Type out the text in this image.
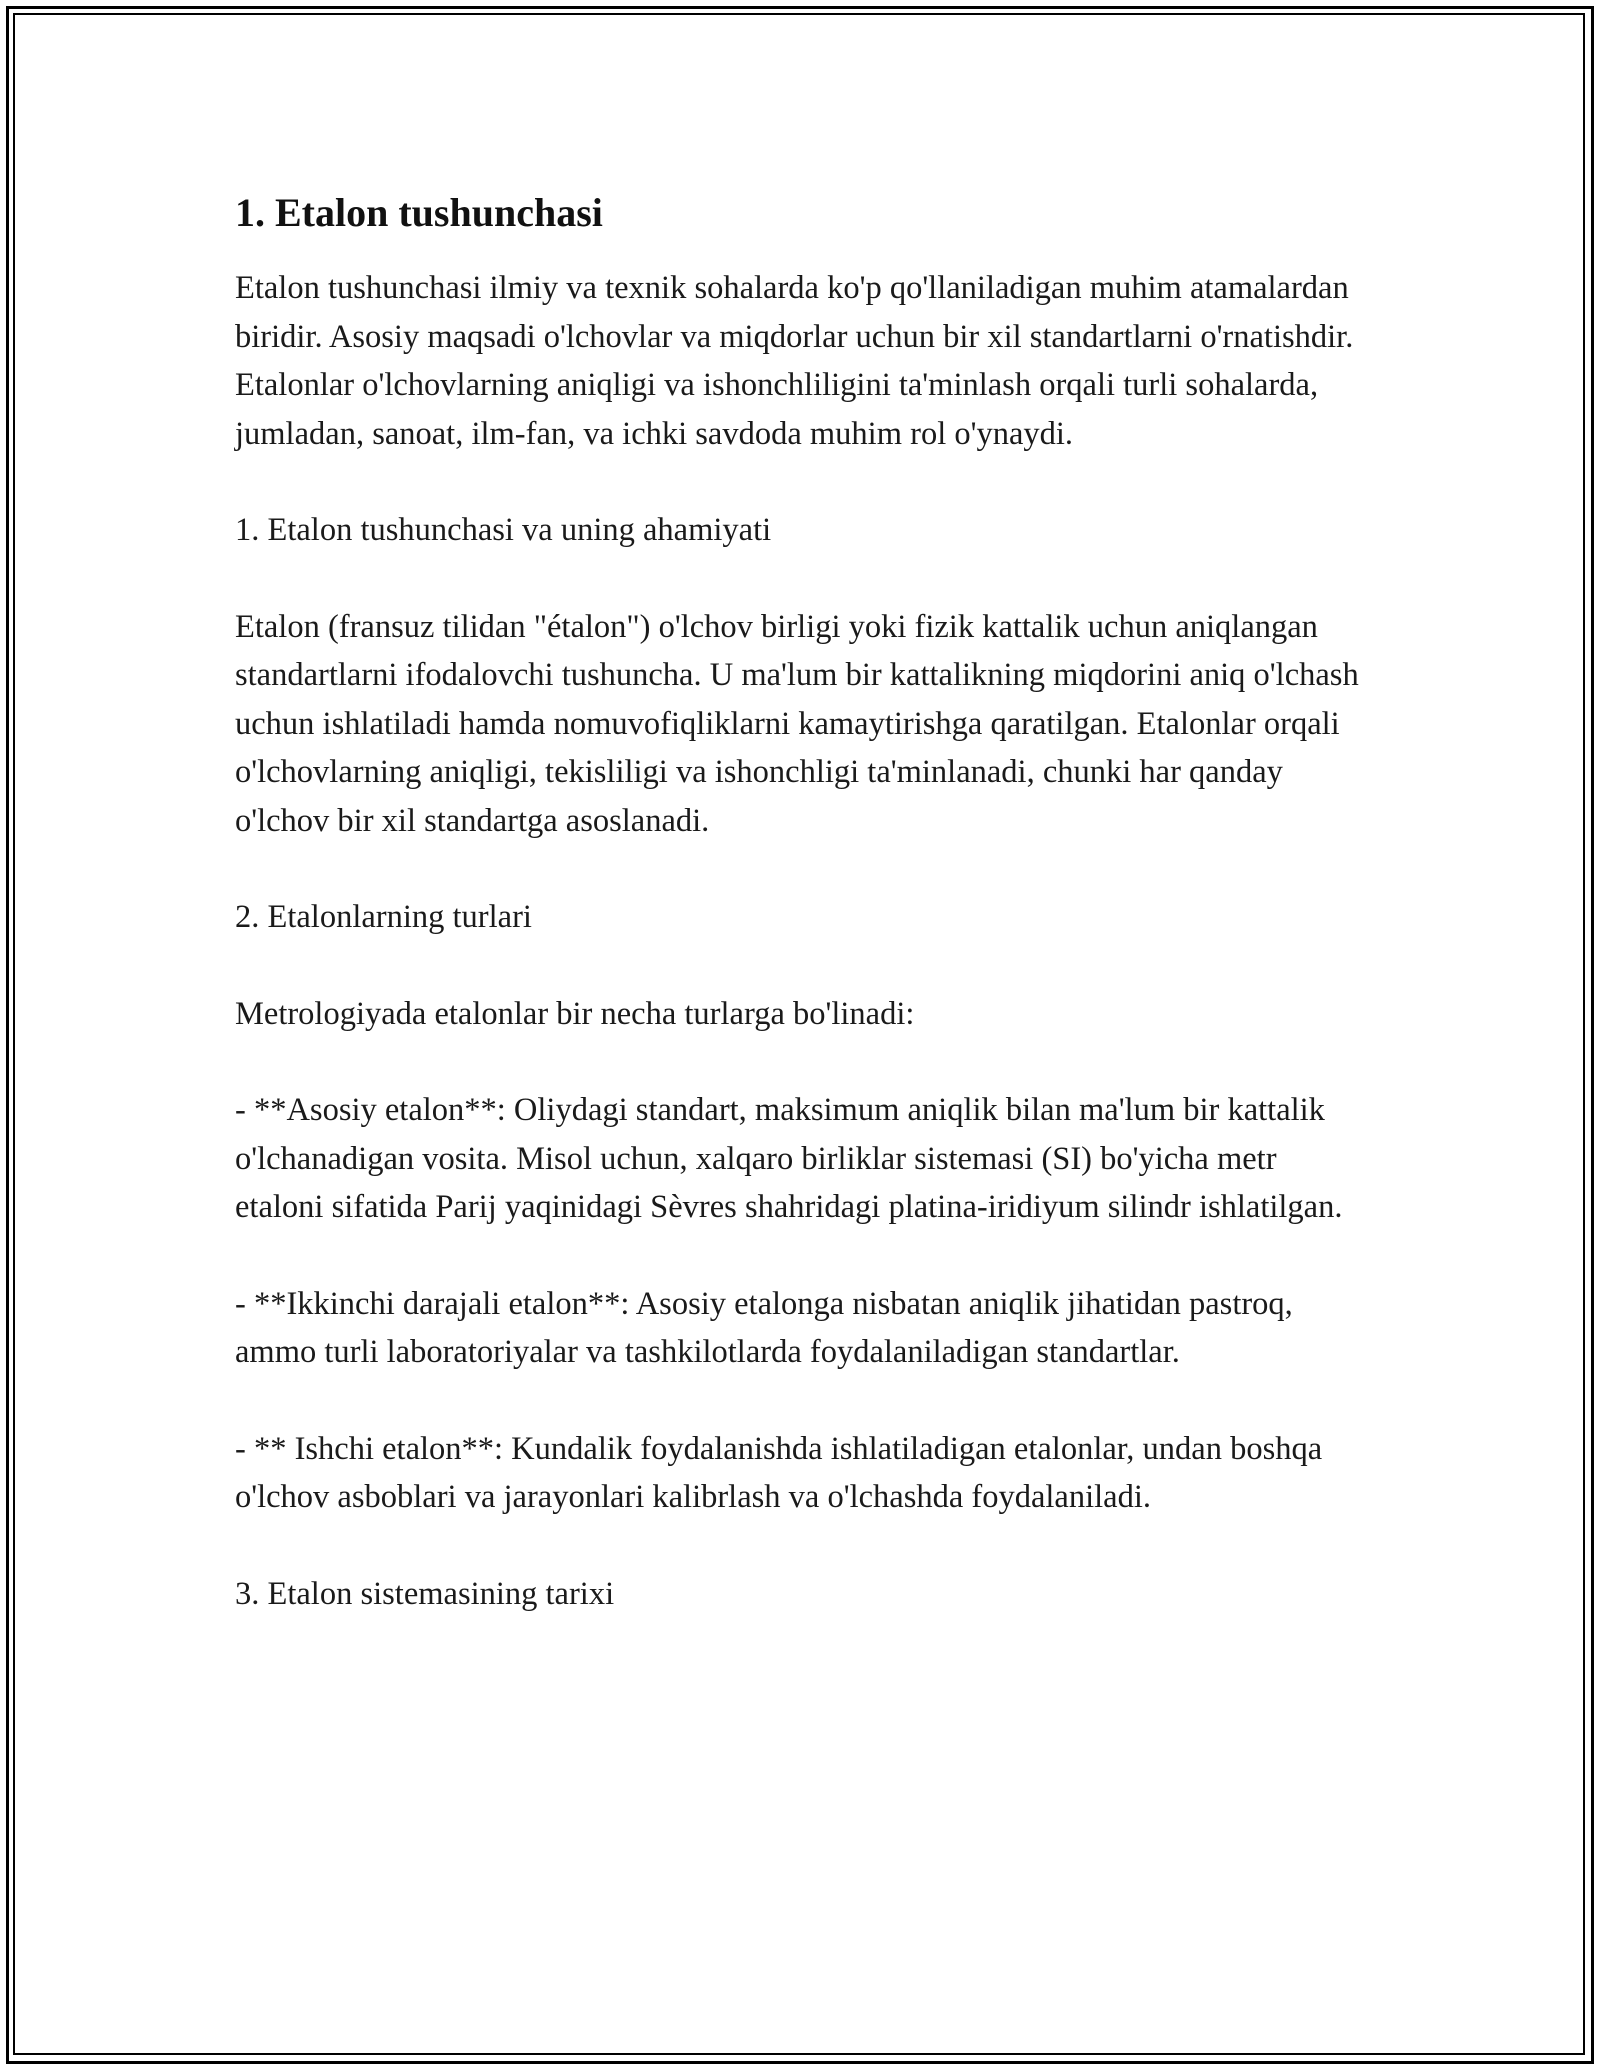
1. Etalon tushunchasi

Etalon tushunchasi ilmiy va texnik sohalarda ko'p qo'llaniladigan muhim atamalardan biridir. Asosiy maqsadi o'lchovlar va miqdorlar uchun bir xil standartlarni o'rnatishdir. Etalonlar o'lchovlarning aniqligi va ishonchliligini ta'minlash orqali turli sohalarda, jumladan, sanoat, ilm-fan, va ichki savdoda muhim rol o'ynaydi.

1. Etalon tushunchasi va uning ahamiyati

Etalon (fransuz tilidan "étalon") o'lchov birligi yoki fizik kattalik uchun aniqlangan standartlarni ifodalovchi tushuncha. U ma'lum bir kattalikning miqdorini aniq o'lchash uchun ishlatiladi hamda nomuvofiqliklarni kamaytirishga qaratilgan. Etalonlar orqali o'lchovlarning aniqligi, tekisliligi va ishonchligi ta'minlanadi, chunki har qanday o'lchov bir xil standartga asoslanadi.

2. Etalonlarning turlari

Metrologiyada etalonlar bir necha turlarga bo'linadi:

- **Asosiy etalon**: Oliydagi standart, maksimum aniqlik bilan ma'lum bir kattalik o'lchanadigan vosita. Misol uchun, xalqaro birliklar sistemasi (SI) bo'yicha metr etaloni sifatida Parij yaqinidagi Sèvres shahridagi platina-iridiyum silindr ishlatilgan.

- **Ikkinchi darajali etalon**: Asosiy etalonga nisbatan aniqlik jihatidan pastroq, ammo turli laboratoriyalar va tashkilotlarda foydalaniladigan standartlar.

- ** Ishchi etalon**: Kundalik foydalanishda ishlatiladigan etalonlar, undan boshqa o'lchov asboblari va jarayonlari kalibrlash va o'lchashda foydalaniladi.

3. Etalon sistemasining tarixi
